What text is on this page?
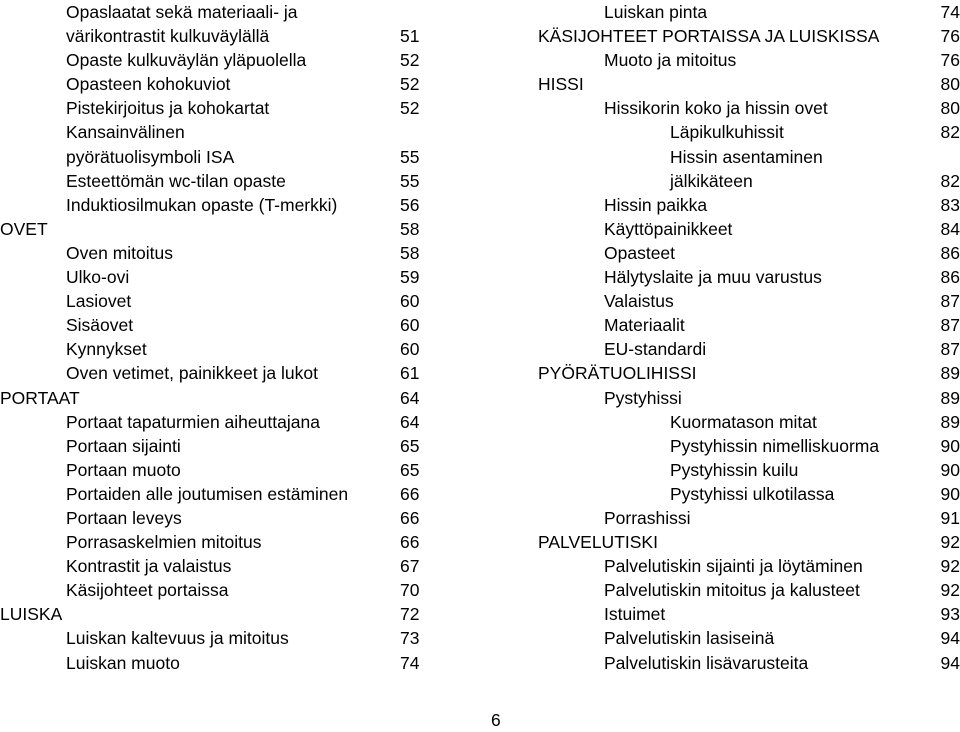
Opaslaatat sekä materiaali- ja
värikontrastit kulkuväylällä	51
Opaste kulkuväylän yläpuolella	52
Opasteen kohokuviot	52
Pistekirjoitus ja kohokartat	52
Kansainvälinen
pyörätuolisymboli ISA	55
Esteettömän wc-tilan opaste	55
Induktiosilmukan opaste (T-merkki)	56
OVET	58
Oven mitoitus	58
Ulko-ovi	59
Lasiovet	60
Sisäovet	60
Kynnykset	60
Oven vetimet, painikkeet ja lukot	61
PORTAAT	64
Portaat tapaturmien aiheuttajana	64
Portaan sijainti	65
Portaan muoto	65
Portaiden alle joutumisen estäminen	66
Portaan leveys	66
Porrasaskelmien mitoitus	66
Kontrastit ja valaistus	67
Käsijohteet portaissa	70
LUISKA	72
Luiskan kaltevuus ja mitoitus	73
Luiskan muoto	74
Luiskan pinta	74
KÄSIJOHTEET PORTAISSA JA LUISKISSA	76
Muoto ja mitoitus	76
HISSI	80
Hissikorin koko ja hissin ovet	80
Läpikulkuhissit	82
Hissin asentaminen
jälkikäteen	82
Hissin paikka	83
Käyttöpainikkeet	84
Opasteet	86
Hälytyslaite ja muu varustus	86
Valaistus	87
Materiaalit	87
EU-standardi	87
PYÖRÄTUOLIHISSI	89
Pystyhissi	89
Kuormatason mitat	89
Pystyhissin nimelliskuorma	90
Pystyhissin kuilu	90
Pystyhissi ulkotilassa	90
Porrashissi	91
PALVELUTISKI	92
Palvelutiskin sijainti ja löytäminen	92
Palvelutiskin mitoitus ja kalusteet	92
Istuimet	93
Palvelutiskin lasiseinä	94
Palvelutiskin lisävarusteita	94
6
